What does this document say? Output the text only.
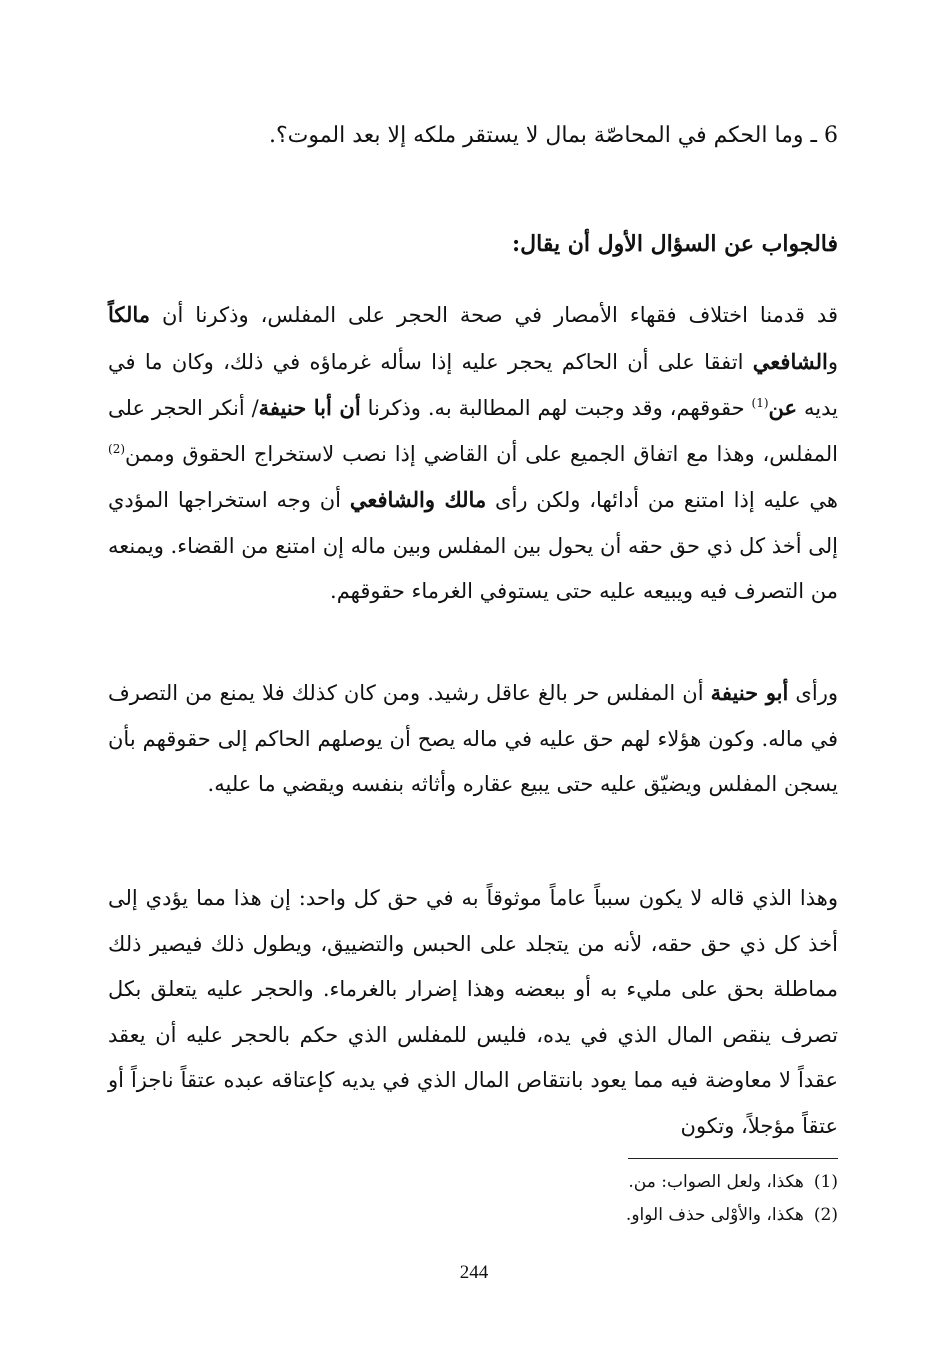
6 ـ وما الحكم في المحاصّة بمال لا يستقر ملكه إلا بعد الموت؟.
فالجواب عن السؤال الأول أن يقال:
قد قدمنا اختلاف فقهاء الأمصار في صحة الحجر على المفلس، وذكرنا أن مالكاً والشافعي اتفقا على أن الحاكم يحجر عليه إذا سأله غرماؤه في ذلك، وكان ما في يديه عن$^{(1)}$ حقوقهم، وقد وجبت لهم المطالبة به. وذكرنا أن أبا حنيفة/ أنكر الحجر على المفلس، وهذا مع اتفاق الجميع على أن القاضي إذا نصب لاستخراج الحقوق وممن$^{(2)}$ هي عليه إذا امتنع من أدائها، ولكن رأى مالك والشافعي أن وجه استخراجها المؤدي إلى أخذ كل ذي حق حقه أن يحول بين المفلس وبين ماله إن امتنع من القضاء. ويمنعه من التصرف فيه ويبيعه عليه حتى يستوفي الغرماء حقوقهم.
ورأى أبو حنيفة أن المفلس حر بالغ عاقل رشيد. ومن كان كذلك فلا يمنع من التصرف في ماله. وكون هؤلاء لهم حق عليه في ماله يصح أن يوصلهم الحاكم إلى حقوقهم بأن يسجن المفلس ويضيّق عليه حتى يبيع عقاره وأثاثه بنفسه ويقضي ما عليه.
وهذا الذي قاله لا يكون سبباً عاماً موثوقاً به في حق كل واحد: إن هذا مما يؤدي إلى أخذ كل ذي حق حقه، لأنه من يتجلد على الحبس والتضييق، ويطول ذلك فيصير ذلك مماطلة بحق على مليء به أو ببعضه وهذا إضرار بالغرماء. والحجر عليه يتعلق بكل تصرف ينقص المال الذي في يده، فليس للمفلس الذي حكم بالحجر عليه أن يعقد عقداً لا معاوضة فيه مما يعود بانتقاص المال الذي في يديه كإعتاقه عبده عتقاً ناجزاً أو عتقاً مؤجلاً، وتكون
(1)هكذا، ولعل الصواب: من.
(2)هكذا، والأوْلى حذف الواو.
244
